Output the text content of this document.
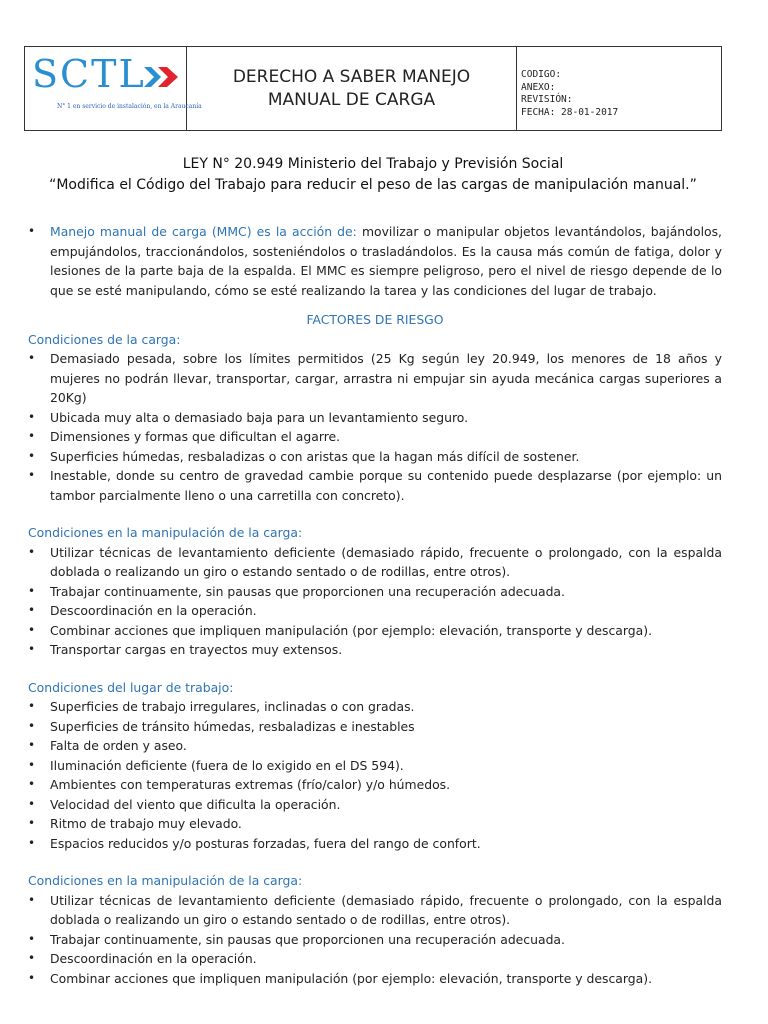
SCTL
N° 1 en servicio de instalación, en la Araucanía
DERECHO A SABER MANEJO
MANUAL DE CARGA
CODIGO:
ANEXO:
REVISIÓN:
FECHA: 28-01-2017
LEY N° 20.949 Ministerio del Trabajo y Previsión Social
“Modifica el Código del Trabajo para reducir el peso de las cargas de manipulación manual.”
•	Manejo manual de carga (MMC) es la acción de: movilizar o manipular objetos levantándolos, bajándolos, empujándolos, traccionándolos, sosteniéndolos o trasladándolos. Es la causa más común de fatiga, dolor y lesiones de la parte baja de la espalda. El MMC es siempre peligroso, pero el nivel de riesgo depende de lo que se esté manipulando, cómo se esté realizando la tarea y las condiciones del lugar de trabajo.
FACTORES DE RIESGO
Condiciones de la carga:
•	Demasiado pesada, sobre los límites permitidos (25 Kg según ley 20.949, los menores de 18 años y mujeres no podrán llevar, transportar, cargar, arrastra ni empujar sin ayuda mecánica cargas superiores a 20Kg)
•	Ubicada muy alta o demasiado baja para un levantamiento seguro.
•	Dimensiones y formas que dificultan el agarre.
•	Superficies húmedas, resbaladizas o con aristas que la hagan más difícil de sostener.
•	Inestable, donde su centro de gravedad cambie porque su contenido puede desplazarse (por ejemplo: un tambor parcialmente lleno o una carretilla con concreto).
Condiciones en la manipulación de la carga:
•	Utilizar técnicas de levantamiento deficiente (demasiado rápido, frecuente o prolongado, con la espalda doblada o realizando un giro o estando sentado o de rodillas, entre otros).
•	Trabajar continuamente, sin pausas que proporcionen una recuperación adecuada.
•	Descoordinación en la operación.
•	Combinar acciones que impliquen manipulación (por ejemplo: elevación, transporte y descarga).
•	Transportar cargas en trayectos muy extensos.
Condiciones del lugar de trabajo:
•	Superficies de trabajo irregulares, inclinadas o con gradas.
•	Superficies de tránsito húmedas, resbaladizas e inestables
•	Falta de orden y aseo.
•	Iluminación deficiente (fuera de lo exigido en el DS 594).
•	Ambientes con temperaturas extremas (frío/calor) y/o húmedos.
•	Velocidad del viento que dificulta la operación.
•	Ritmo de trabajo muy elevado.
•	Espacios reducidos y/o posturas forzadas, fuera del rango de confort.
Condiciones en la manipulación de la carga:
•	Utilizar técnicas de levantamiento deficiente (demasiado rápido, frecuente o prolongado, con la espalda doblada o realizando un giro o estando sentado o de rodillas, entre otros).
•	Trabajar continuamente, sin pausas que proporcionen una recuperación adecuada.
•	Descoordinación en la operación.
•	Combinar acciones que impliquen manipulación (por ejemplo: elevación, transporte y descarga).
